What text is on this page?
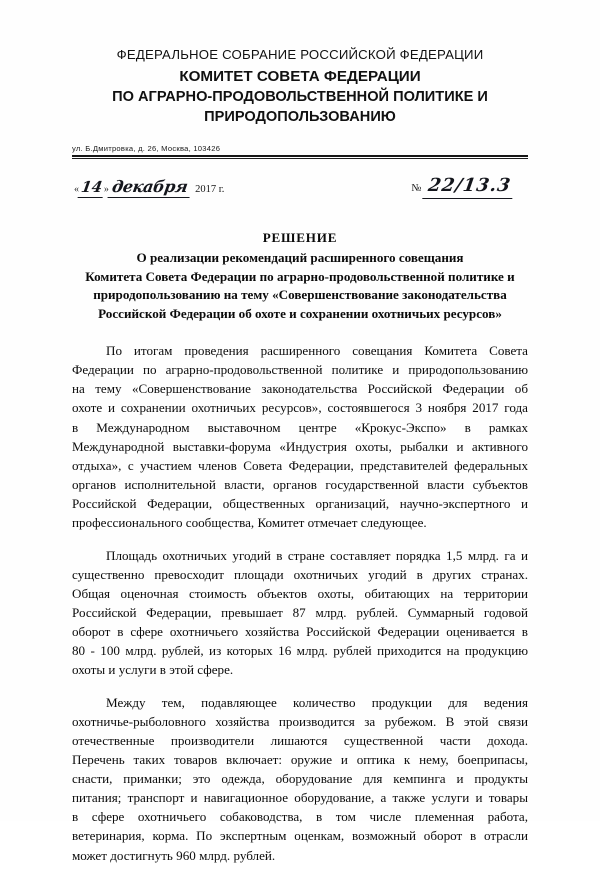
ФЕДЕРАЛЬНОЕ СОБРАНИЕ РОССИЙСКОЙ ФЕДЕРАЦИИ
КОМИТЕТ СОВЕТА ФЕДЕРАЦИИ
ПО АГРАРНО-ПРОДОВОЛЬСТВЕННОЙ ПОЛИТИКЕ И
ПРИРОДОПОЛЬЗОВАНИЮ
ул. Б.Дмитровка, д. 26, Москва, 103426
« 14 » декабря 2017 г.	№ 22/13.3
РЕШЕНИЕ
О реализации рекомендаций расширенного совещания
Комитета Совета Федерации по аграрно-продовольственной политике и
природопользованию на тему «Совершенствование законодательства
Российской Федерации об охоте и сохранении охотничьих ресурсов»

По итогам проведения расширенного совещания Комитета Совета
Федерации по аграрно-продовольственной политике и природопользованию
на тему «Совершенствование законодательства Российской Федерации об
охоте и сохранении охотничьих ресурсов», состоявшегося 3 ноября 2017 года
в Международном выставочном центре «Крокус-Экспо» в рамках
Международной выставки-форума «Индустрия охоты, рыбалки и активного
отдыха», с участием членов Совета Федерации, представителей федеральных
органов исполнительной власти, органов государственной власти субъектов
Российской Федерации, общественных организаций, научно-экспертного и
профессионального сообщества, Комитет отмечает следующее.

Площадь охотничьих угодий в стране составляет порядка 1,5 млрд. га и
существенно превосходит площади охотничьих угодий в других странах.
Общая оценочная стоимость объектов охоты, обитающих на территории
Российской Федерации, превышает 87 млрд. рублей. Суммарный годовой
оборот в сфере охотничьего хозяйства Российской Федерации оценивается в
80 - 100 млрд. рублей, из которых 16 млрд. рублей приходится на продукцию
охоты и услуги в этой сфере.

Между тем, подавляющее количество продукции для ведения
охотничье-рыболовного хозяйства производится за рубежом. В этой связи
отечественные производители лишаются существенной части дохода.
Перечень таких товаров включает: оружие и оптика к нему, боеприпасы,
снасти, приманки; это одежда, оборудование для кемпинга и продукты
питания; транспорт и навигационное оборудование, а также услуги и товары
в сфере охотничьего собаководства, в том числе племенная работа,
ветеринария, корма. По экспертным оценкам, возможный оборот в отрасли
может достигнуть 960 млрд. рублей.
